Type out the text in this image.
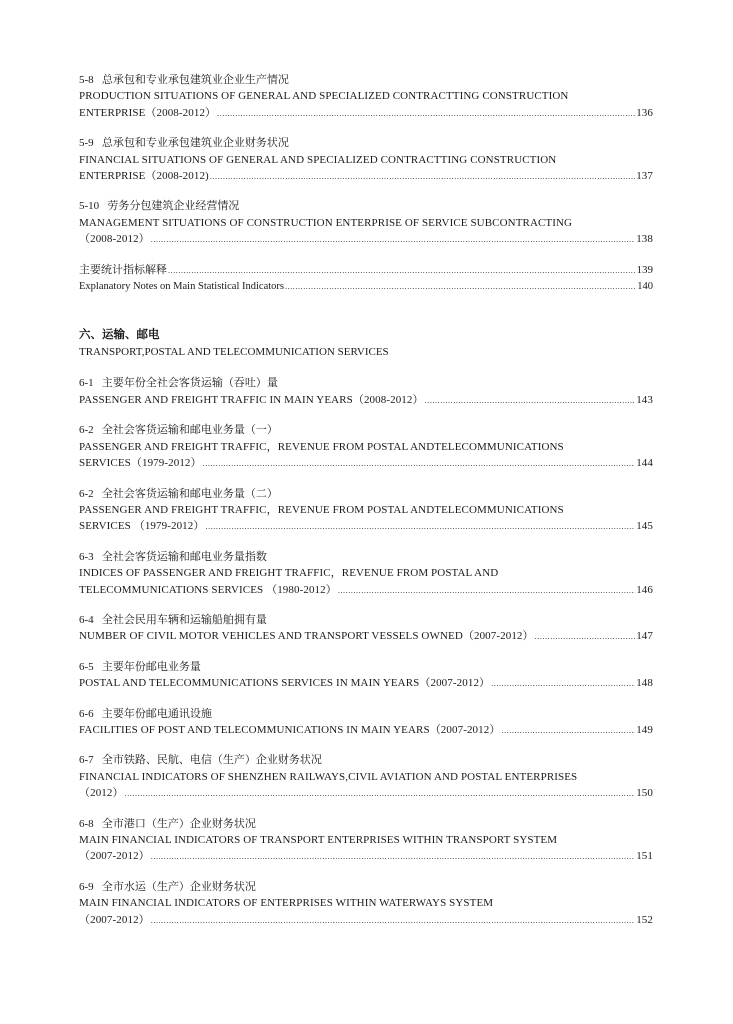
5-8 总承包和专业承包建筑业企业生产情况
PRODUCTION SITUATIONS OF GENERAL AND SPECIALIZED CONTRACTTING CONSTRUCTION
ENTERPRISE（2008-2012） .....	136
5-9 总承包和专业承包建筑业企业财务状况
FINANCIAL SITUATIONS OF GENERAL AND SPECIALIZED CONTRACTTING CONSTRUCTION
ENTERPRISE（2008-2012) .....	137
5-10 劳务分包建筑企业经营情况
MANAGEMENT SITUATIONS OF CONSTRUCTION ENTERPRISE OF SERVICE SUBCONTRACTING
（2008-2012） .....	138
主要统计指标解释 .....	139
Explanatory Notes on Main Statistical Indicators .....	140
六、运输、邮电
TRANSPORT,POSTAL AND TELECOMMUNICATION SERVICES
6-1 主要年份全社会客货运输（吞吐）量
PASSENGER AND FREIGHT TRAFFIC IN MAIN YEARS（2008-2012） .....	143
6-2 全社会客货运输和邮电业务量（一）
PASSENGER AND FREIGHT TRAFFIC，REVENUE FROM POSTAL ANDTELECOMMUNICATIONS
SERVICES（1979-2012） .....	144
6-2 全社会客货运输和邮电业务量（二）
PASSENGER AND FREIGHT TRAFFIC，REVENUE FROM POSTAL ANDTELECOMMUNICATIONS
SERVICES （1979-2012） .....	145
6-3 全社会客货运输和邮电业务量指数
INDICES OF PASSENGER AND FREIGHT TRAFFIC，REVENUE FROM POSTAL AND
TELECOMMUNICATIONS SERVICES （1980-2012） .....	146
6-4 全社会民用车辆和运输船舶拥有量
NUMBER OF CIVIL MOTOR VEHICLES AND TRANSPORT VESSELS OWNED（2007-2012） .....	147
6-5 主要年份邮电业务量
POSTAL AND TELECOMMUNICATIONS SERVICES IN MAIN YEARS（2007-2012） .....	148
6-6 主要年份邮电通讯设施
FACILITIES OF POST AND TELECOMMUNICATIONS IN MAIN YEARS（2007-2012） .....	149
6-7 全市铁路、民航、电信（生产）企业财务状况
FINANCIAL INDICATORS OF SHENZHEN RAILWAYS,CIVIL AVIATION AND POSTAL ENTERPRISES
（2012） .....	150
6-8 全市港口（生产）企业财务状况
MAIN FINANCIAL INDICATORS OF TRANSPORT ENTERPRISES WITHIN TRANSPORT SYSTEM
（2007-2012） .....	151
6-9 全市水运（生产）企业财务状况
MAIN FINANCIAL INDICATORS OF ENTERPRISES WITHIN WATERWAYS SYSTEM
（2007-2012） .....	152
